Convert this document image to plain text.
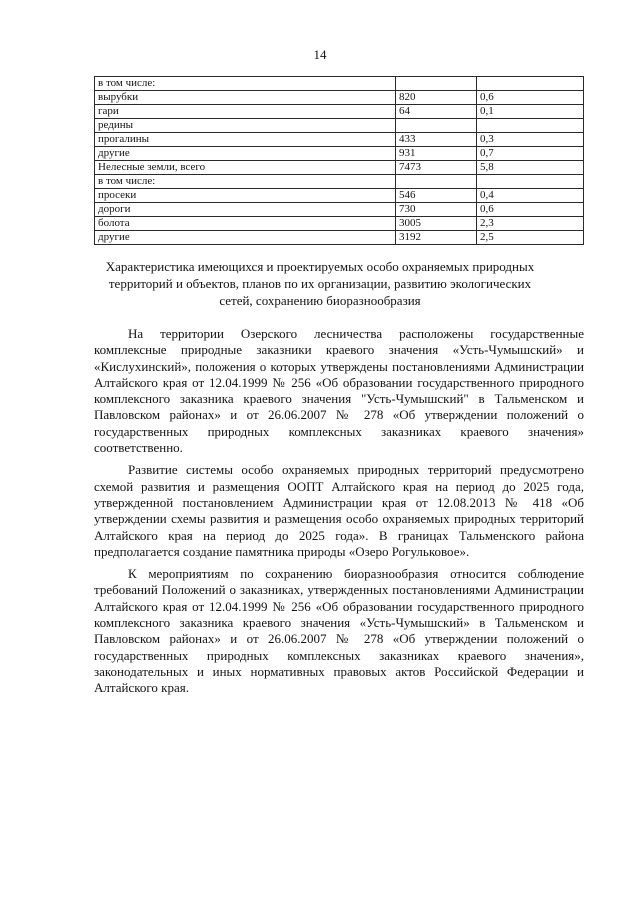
14
в том числе:		
вырубки	820	0,6
гари	64	0,1
редины		
прогалины	433	0,3
другие	931	0,7
Нелесные земли, всего	7473	5,8
в том числе:		
просеки	546	0,4
дороги	730	0,6
болота	3005	2,3
другие	3192	2,5
Характеристика имеющихся и проектируемых особо охраняемых природных территорий и объектов, планов по их организации, развитию экологических сетей, сохранению биоразнообразия

На территории Озерского лесничества расположены государственные комплексные природные заказники краевого значения «Усть-Чумышский» и «Кислухинский», положения о которых утверждены постановлениями Администрации Алтайского края от 12.04.1999 № 256 «Об образовании государственного природного комплексного заказника краевого значения "Усть-Чумышский" в Тальменском и Павловском районах» и от 26.06.2007 № 278 «Об утверждении положений о государственных природных комплексных заказниках краевого значения» соответственно.

Развитие системы особо охраняемых природных территорий предусмотрено схемой развития и размещения ООПТ Алтайского края на период до 2025 года, утвержденной постановлением Администрации края от 12.08.2013 № 418 «Об утверждении схемы развития и размещения особо охраняемых природных территорий Алтайского края на период до 2025 года». В границах Тальменского района предполагается создание памятника природы «Озеро Рогульковое».

К мероприятиям по сохранению биоразнообразия относится соблюдение требований Положений о заказниках, утвержденных постановлениями Администрации Алтайского края от 12.04.1999 № 256 «Об образовании государственного природного комплексного заказника краевого значения «Усть-Чумышский» в Тальменском и Павловском районах» и от 26.06.2007 № 278 «Об утверждении положений о государственных природных комплексных заказниках краевого значения», законодательных и иных нормативных правовых актов Российской Федерации и Алтайского края.
